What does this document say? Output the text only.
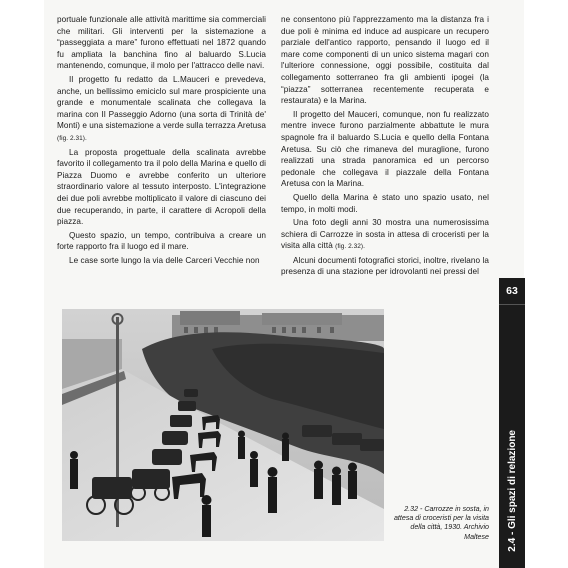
portuale funzionale alle attività marittime sia commerciali che militari. Gli interventi per la sistemazione a “passeggiata a mare” furono effettuati nel 1872 quando fu ampliata la banchina fino al baluardo S.Lucia mantenendo, comunque, il molo per l'attracco delle navi.

Il progetto fu redatto da L.Mauceri e prevedeva, anche, un bellissimo emiciclo sul mare prospiciente una grande e monumentale scalinata che collegava la marina con Il Passeggio Adorno (una sorta di Trinità de' Monti) e una sistemazione a verde sulla terrazza Aretusa (fig. 2.31).

La proposta progettuale della scalinata avrebbe favorito il collegamento tra il polo della Marina e quello di Piazza Duomo e avrebbe conferito un ulteriore straordinario valore al tessuto interposto. L'integrazione dei due poli avrebbe moltiplicato il valore di ciascuno dei due recuperando, in parte, il carattere di Acropoli della piazza.

Questo spazio, un tempo, contribuiva a creare un forte rapporto fra il luogo ed il mare.

Le case sorte lungo la via delle Carceri Vecchie non

ne consentono più l'apprezzamento ma la distanza fra i due poli è minima ed induce ad auspicare un recupero parziale dell'antico rapporto, pensando il luogo ed il mare come componenti di un unico sistema magari con l'ulteriore connessione, oggi possibile, costituita dal collegamento sotterraneo fra gli ambienti ipogei (la “piazza” sotterranea recentemente recuperata e restaurata) e la Marina.

Il progetto del Mauceri, comunque, non fu realizzato mentre invece furono parzialmente abbattute le mura spagnole fra il baluardo S.Lucia e quello della Fontana Aretusa. Su ciò che rimaneva del muraglione, furono realizzati una strada panoramica ed un percorso pedonale che collegava il piazzale della Fontana Aretusa con la Marina.

Quello della Marina è stato uno spazio usato, nel tempo, in molti modi.

Una foto degli anni 30 mostra una numerosissima schiera di Carrozze in sosta in attesa di croceristi per la visita alla città (fig. 2.32).

Alcuni documenti fotografici storici, inoltre, rivelano la presenza di una stazione per idrovolanti nei pressi del

63
2.4 - Gli spazi di relazione
2.32 - Carrozze in sosta, in attesa di croceristi per la visita della città, 1930. Archivio Maltese
